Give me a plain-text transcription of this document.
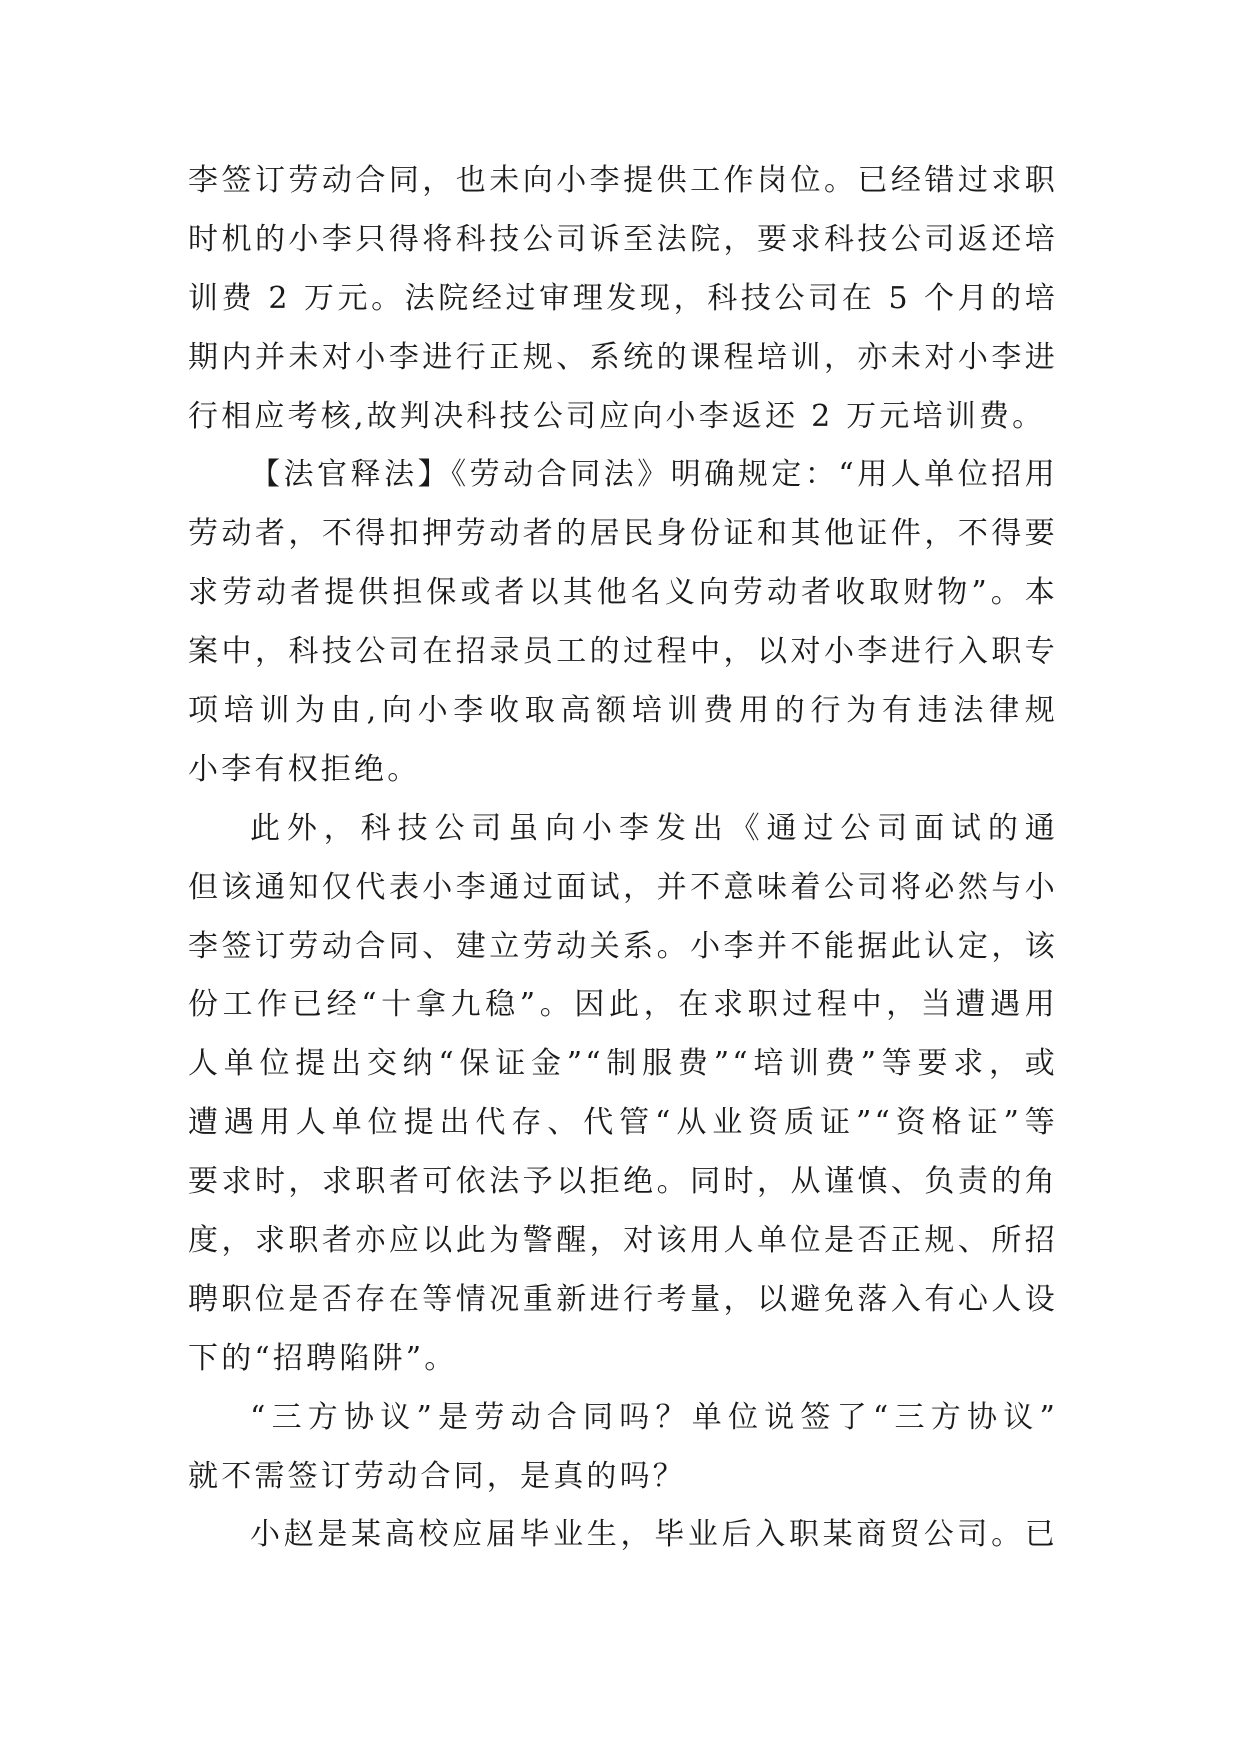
李签订劳动合同，也未向小李提供工作岗位。已经错过求职
时机的小李只得将科技公司诉至法院，要求科技公司返还培
训费 2 万元。法院经过审理发现，科技公司在 5 个月的培
期内并未对小李进行正规、系统的课程培训，亦未对小李进
行相应考核,故判决科技公司应向小李返还 2 万元培训费。
【法官释法】《劳动合同法》明确规定：“用人单位招用
劳动者，不得扣押劳动者的居民身份证和其他证件，不得要
求劳动者提供担保或者以其他名义向劳动者收取财物”。本
案中，科技公司在招录员工的过程中，以对小李进行入职专
项培训为由,向小李收取高额培训费用的行为有违法律规
小李有权拒绝。
此外，科技公司虽向小李发出《通过公司面试的通
但该通知仅代表小李通过面试，并不意味着公司将必然与小
李签订劳动合同、建立劳动关系。小李并不能据此认定，该
份工作已经“十拿九稳”。因此，在求职过程中，当遭遇用
人单位提出交纳“保证金”“制服费”“培训费”等要求，或
遭遇用人单位提出代存、代管“从业资质证”“资格证”等
要求时，求职者可依法予以拒绝。同时，从谨慎、负责的角
度，求职者亦应以此为警醒，对该用人单位是否正规、所招
聘职位是否存在等情况重新进行考量，以避免落入有心人设
下的“招聘陷阱”。
“三方协议”是劳动合同吗？单位说签了“三方协议”
就不需签订劳动合同，是真的吗？
小赵是某高校应届毕业生，毕业后入职某商贸公司。已
